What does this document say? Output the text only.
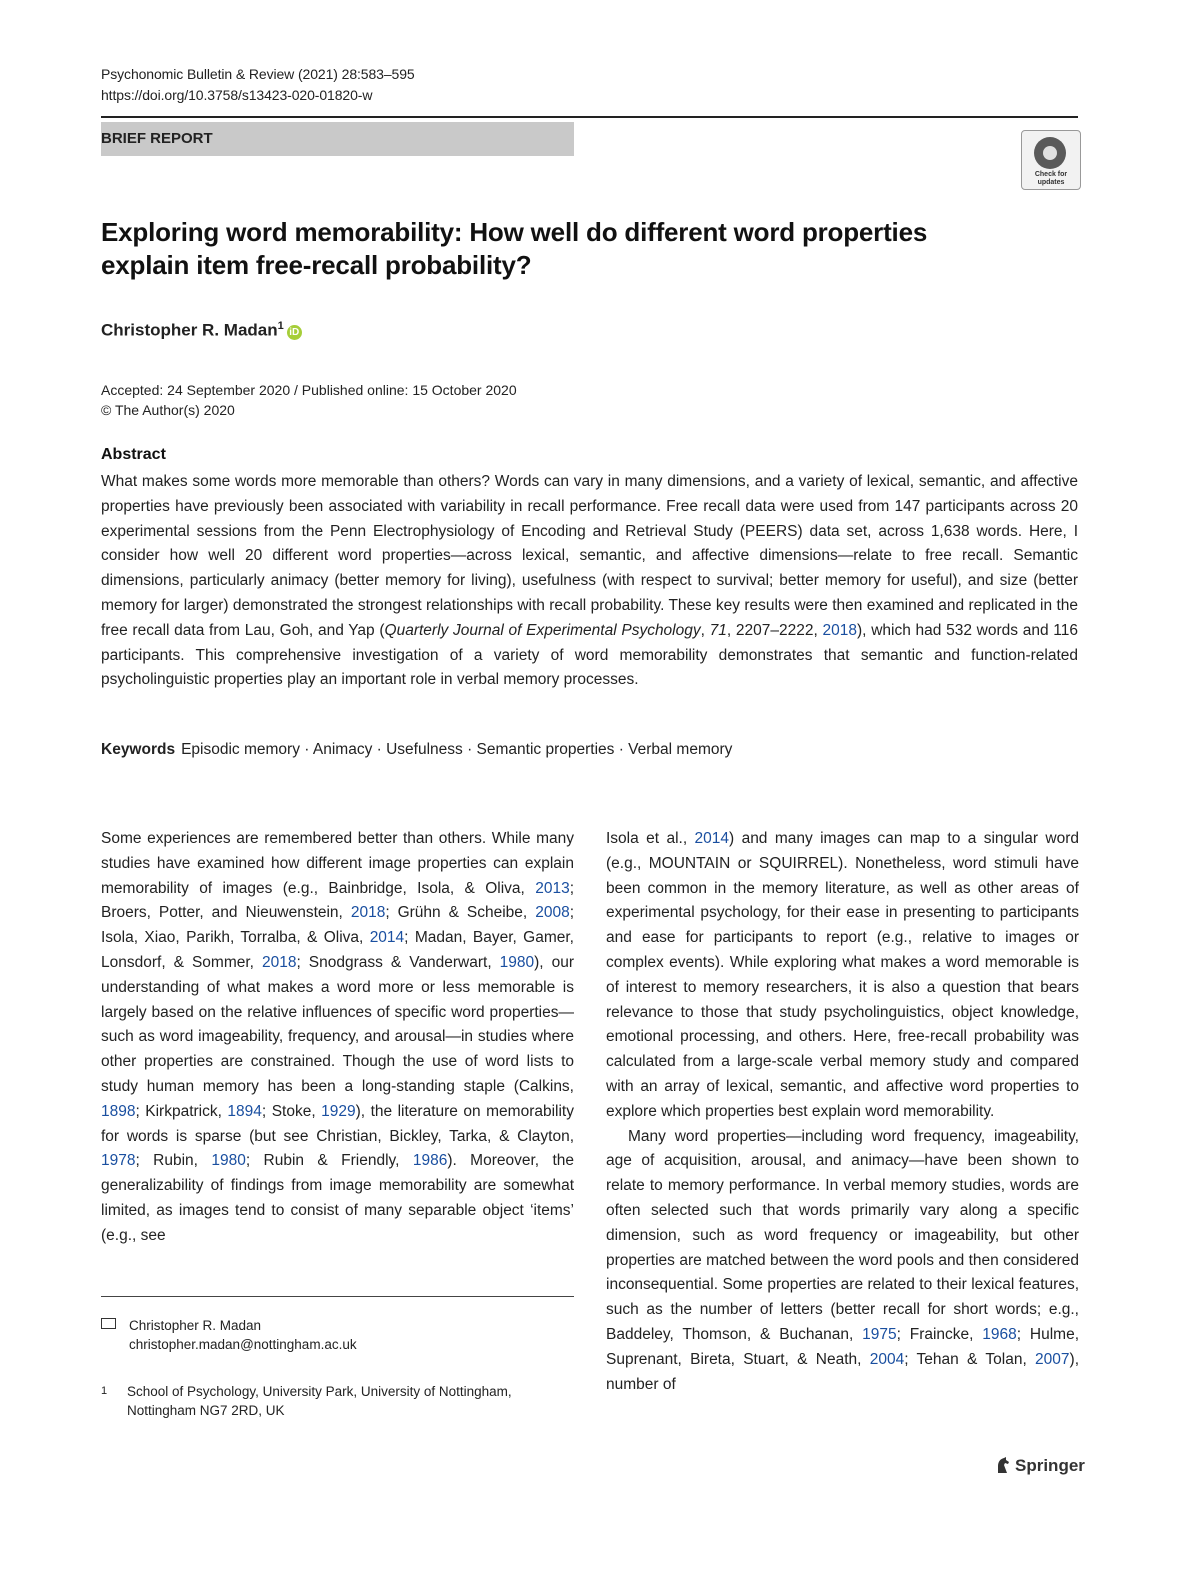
Psychonomic Bulletin & Review (2021) 28:583–595
https://doi.org/10.3758/s13423-020-01820-w
BRIEF REPORT
Check for updates
Exploring word memorability: How well do different word properties
explain item free-recall probability?
Christopher R. Madan$^1$iD
Accepted: 24 September 2020 / Published online: 15 October 2020
© The Author(s) 2020
Abstract

What makes some words more memorable than others? Words can vary in many dimensions, and a variety of lexical, semantic, and affective properties have previously been associated with variability in recall performance. Free recall data were used from 147 participants across 20 experimental sessions from the Penn Electrophysiology of Encoding and Retrieval Study (PEERS) data set, across 1,638 words. Here, I consider how well 20 different word properties—across lexical, semantic, and affective dimensions—relate to free recall. Semantic dimensions, particularly animacy (better memory for living), usefulness (with respect to survival; better memory for useful), and size (better memory for larger) demonstrated the strongest relationships with recall probability. These key results were then examined and replicated in the free recall data from Lau, Goh, and Yap (Quarterly Journal of Experimental Psychology, 71, 2207–2222, 2018), which had 532 words and 116 participants. This comprehensive investigation of a variety of word memorability demonstrates that semantic and function-related psycholinguistic properties play an important role in verbal memory processes.

Keywords Episodic memory · Animacy · Usefulness · Semantic properties · Verbal memory

Some experiences are remembered better than others. While many studies have examined how different image properties can explain memorability of images (e.g., Bainbridge, Isola, & Oliva, 2013; Broers, Potter, and Nieuwenstein, 2018; Grühn & Scheibe, 2008; Isola, Xiao, Parikh, Torralba, & Oliva, 2014; Madan, Bayer, Gamer, Lonsdorf, & Sommer, 2018; Snodgrass & Vanderwart, 1980), our understanding of what makes a word more or less memorable is largely based on the relative influences of specific word properties—such as word imageability, frequency, and arousal—in studies where other properties are constrained. Though the use of word lists to study human memory has been a long-standing staple (Calkins, 1898; Kirkpatrick, 1894; Stoke, 1929), the literature on memorability for words is sparse (but see Christian, Bickley, Tarka, & Clayton, 1978; Rubin, 1980; Rubin & Friendly, 1986). Moreover, the generalizability of findings from image memorability are somewhat limited, as images tend to consist of many separable object ‘items’ (e.g., see

Isola et al., 2014) and many images can map to a singular word (e.g., MOUNTAIN or SQUIRREL). Nonetheless, word stimuli have been common in the memory literature, as well as other areas of experimental psychology, for their ease in presenting to participants and ease for participants to report (e.g., relative to images or complex events). While exploring what makes a word memorable is of interest to memory researchers, it is also a question that bears relevance to those that study psycholinguistics, object knowledge, emotional processing, and others. Here, free-recall probability was calculated from a large-scale verbal memory study and compared with an array of lexical, semantic, and affective word properties to explore which properties best explain word memorability.

Many word properties—including word frequency, imageability, age of acquisition, arousal, and animacy—have been shown to relate to memory performance. In verbal memory studies, words are often selected such that words primarily vary along a specific dimension, such as word frequency or imageability, but other properties are matched between the word pools and then considered inconsequential. Some properties are related to their lexical features, such as the number of letters (better recall for short words; e.g., Baddeley, Thomson, & Buchanan, 1975; Fraincke, 1968; Hulme, Suprenant, Bireta, Stuart, & Neath, 2004; Tehan & Tolan, 2007), number of

Christopher R. Madan
christopher.madan@nottingham.ac.uk
1 School of Psychology, University Park, University of Nottingham,
Nottingham NG7 2RD, UK
Springer
